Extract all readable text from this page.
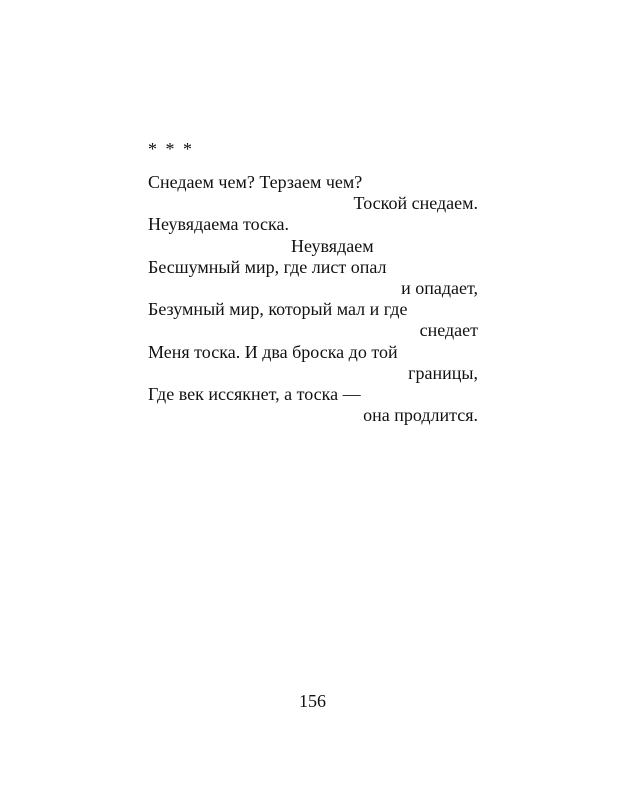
* * *
Снедаем чем? Терзаем чем?
Тоской снедаем.
Неувядаема тоска.
Неувядаем
Бесшумный мир, где лист опал
и опадает,
Безумный мир, который мал и где
снедает
Меня тоска. И два броска до той
границы,
Где век иссякнет, а тоска —
она продлится.
156
